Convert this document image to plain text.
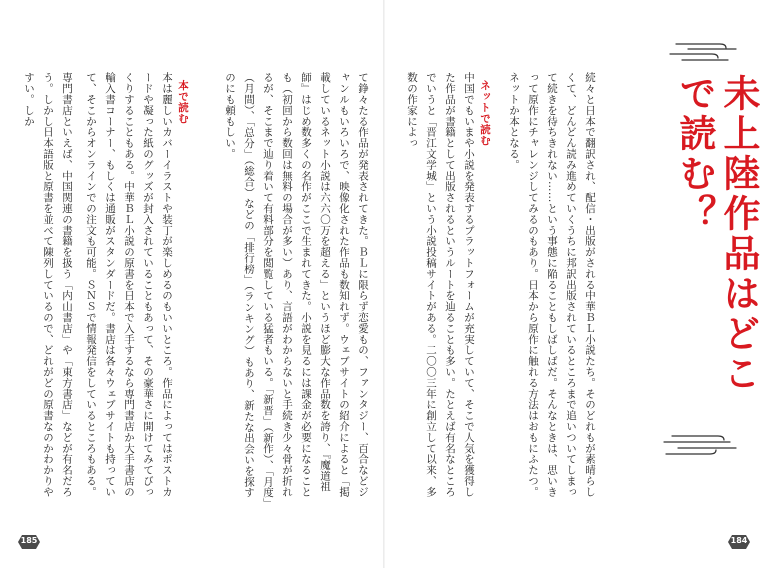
未上陸作品はどこで読む？

続々と日本で翻訳され、配信・出版がされる中華ＢＬ小説たち。そのどれもが素晴らしくて、どんどん読み進めていくうちに邦訳出版されているところまで追いついてしまって続きを待ちきれない……という事態に陥ることもしばしばだ。そんなときは、思いきって原作にチャレンジしてみるのもあり。日本から原作に触れる方法はおもにふたつ。ネットか本となる。

ネットで読む

中国でもいまや小説を発表するプラットフォームが充実していて、そこで人気を獲得した作品が書籍として出版されるというルートを辿ることも多い。たとえば有名なところでいうと「晋江文学城」という小説投稿サイトがある。二〇〇三年に創立して以来、多数の作家によっ

て錚々たる作品が発表されてきた。ＢＬに限らず恋愛もの、ファンタジー、百合などジャンルもいろいろで、映像化された作品も数知れず。ウェブサイトの紹介によると「掲載しているネット小説は六六〇万を超える」というほど膨大な作品数を誇り、『魔道祖師』はじめ数多くの名作がここで生まれてきた。小説を見るには課金が必要になることも（初回から数回は無料の場合が多い）あり、言語がわからないと手続き少々骨が折れるが、そこまで辿り着いて有料部分を閲覧している猛者もいる。「新晋」（新作）、「月度」（月間）、「总分」（総合）などの「排行榜」（ランキング）もあり、新たな出会いを探すのにも頼もしい。

本で読む

本は麗しいカバーイラストや装丁が楽しめるのもいいところ。作品によってはポストカードや凝った紙のグッズが封入されていることもあって、その豪華さに開けてみてびっくりすることもある。中華ＢＬ小説の原書を日本で入手するなら専門書店か大手書店の輸入書コーナー、もしくは通販がスタンダードだ。書店は各々ウェブサイトも持っていて、そこからオンラインでの注文も可能。ＳＮＳで情報発信をしているところもある。

専門書店といえば、中国関連の書籍を扱う「内山書店」や「東方書店」などが有名だろう。しかし日本語版と原書を並べて陳列しているので、どれがどの原書なのかわかりやすい。しか

185	184
